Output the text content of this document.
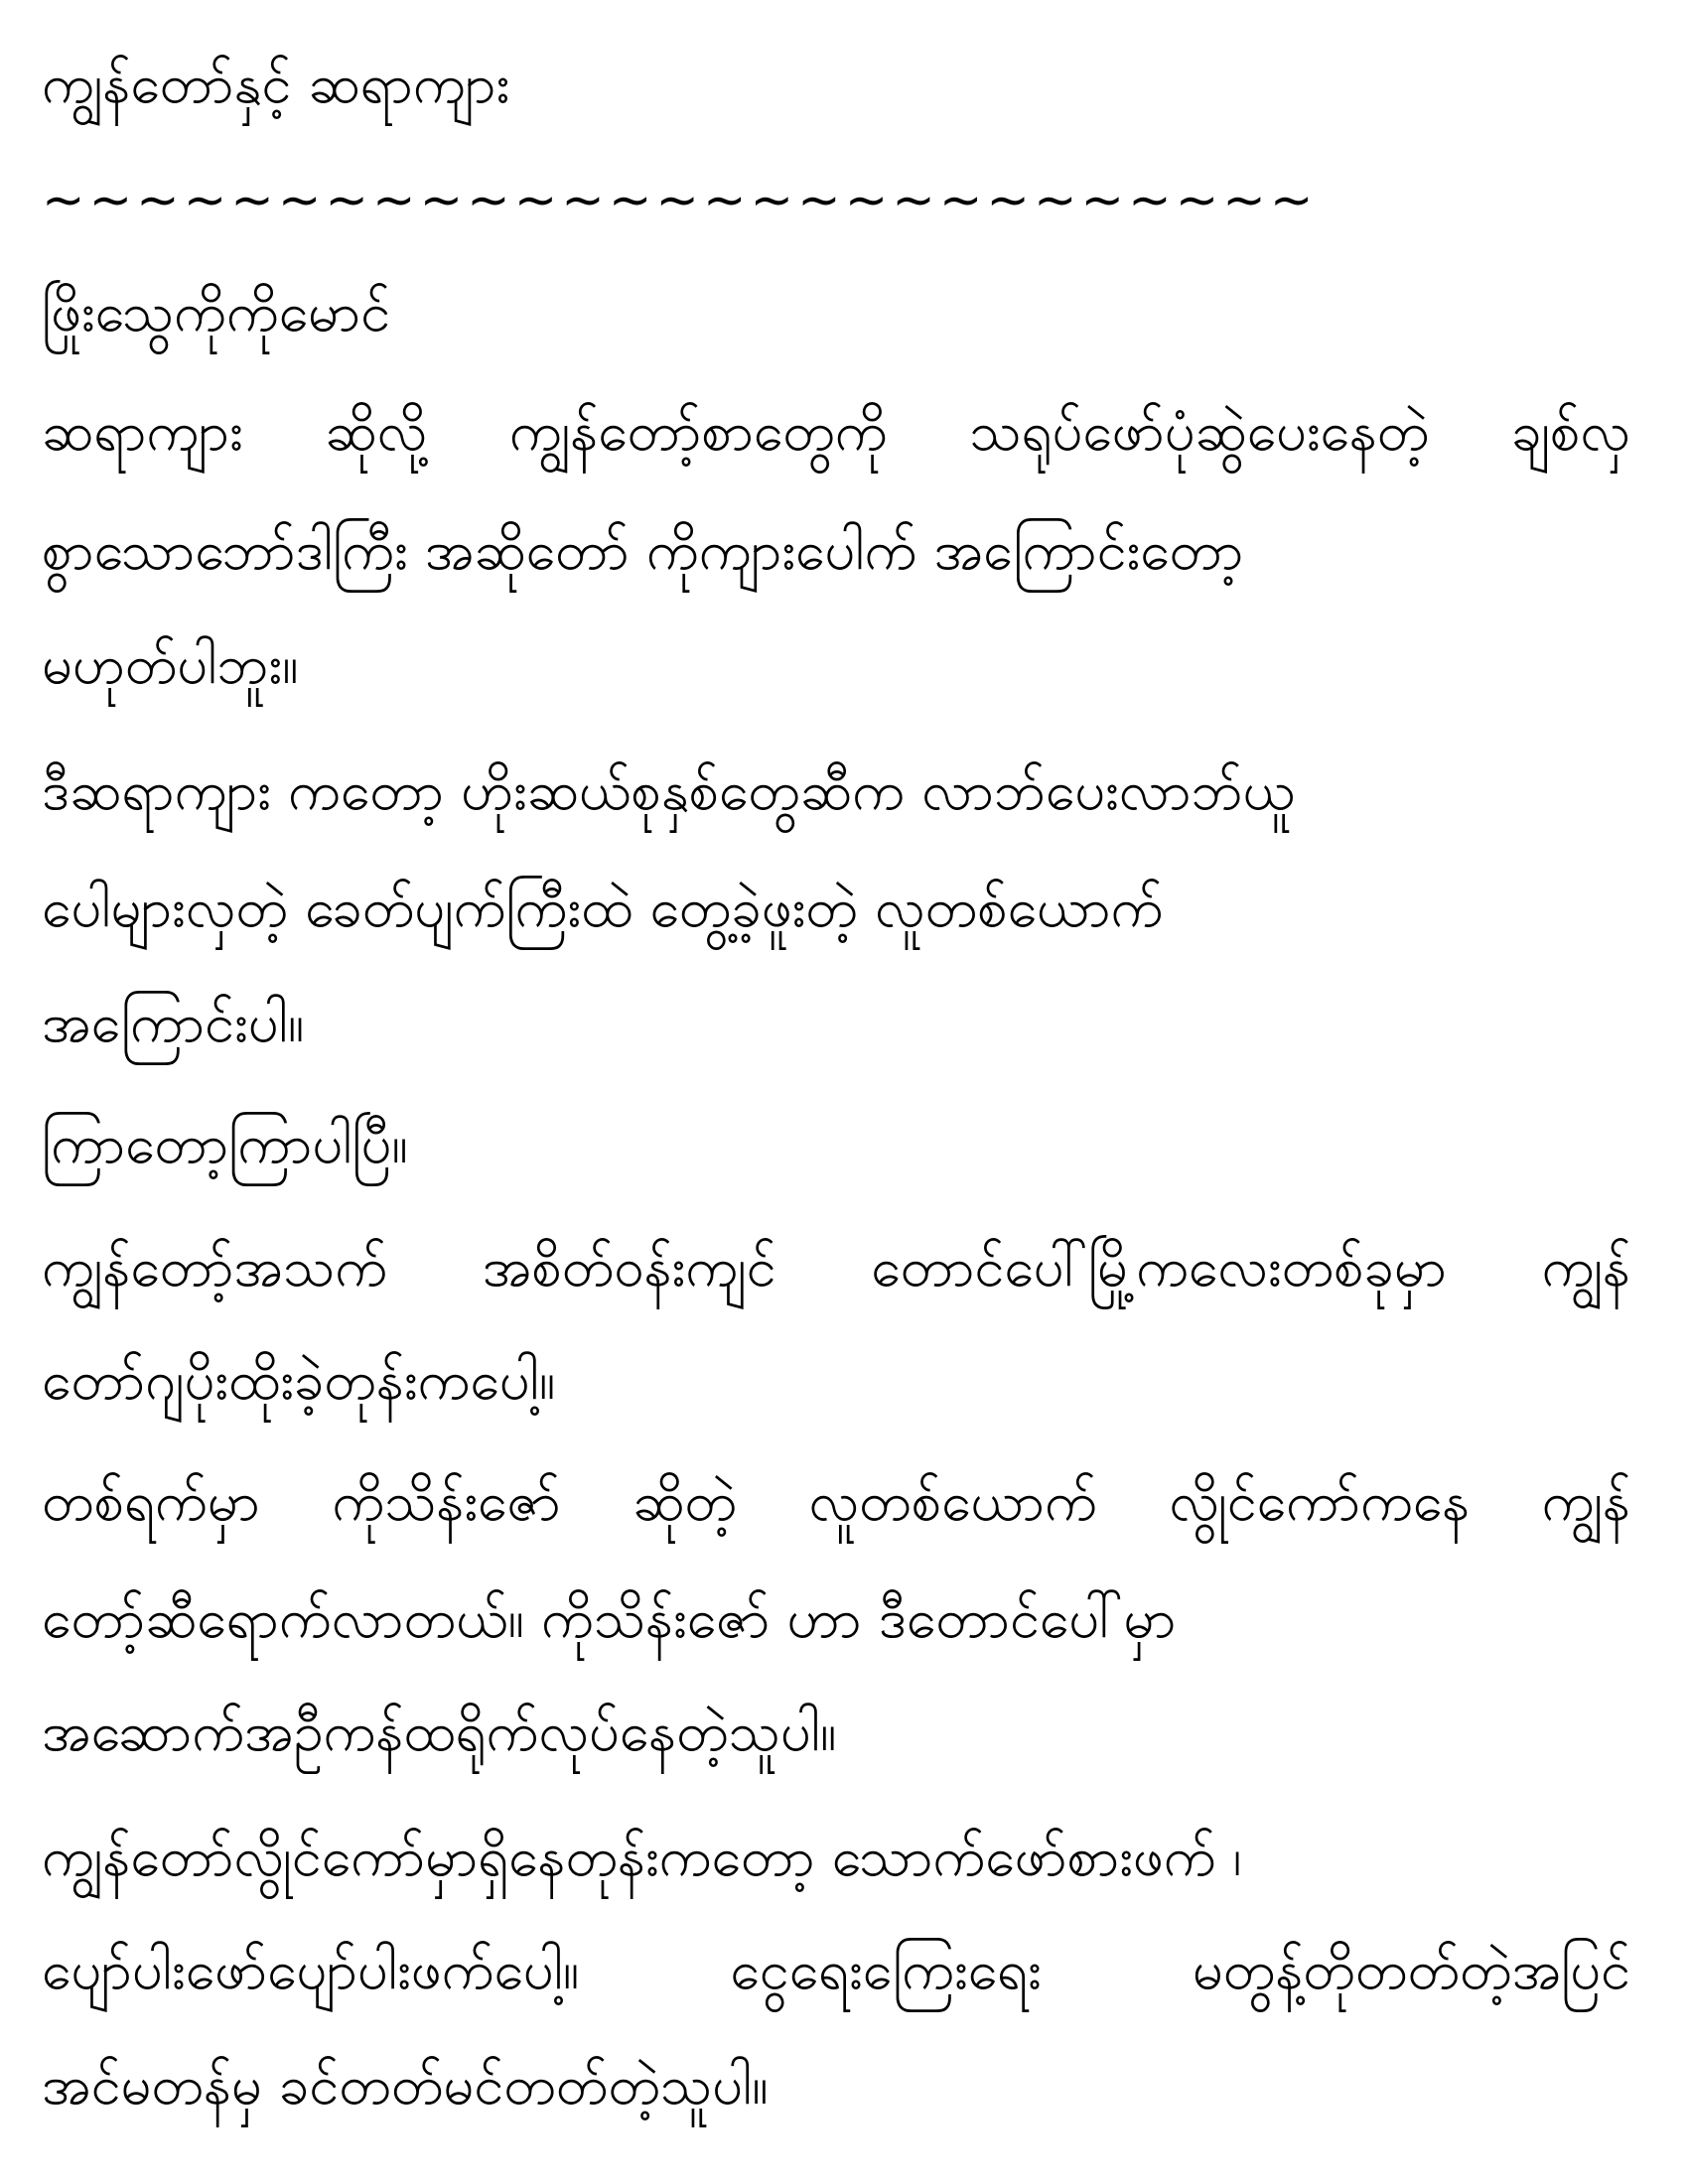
ကျွန်တော်နှင့် ဆရာကျား
~~~~~~~~~~~~~~~~~~~~~~~~~~~
ဖြိုးသွေကိုကိုမောင်
ဆရာကျား ဆိုလို့ ကျွန်တော့်စာတွေကို သရုပ်ဖော်ပုံဆွဲပေးနေတဲ့ ချစ်လှ
စွာသောဘော်ဒါကြီး အဆိုတော် ကိုကျားပေါက် အကြောင်းတော့
မဟုတ်ပါဘူး။
ဒီဆရာကျား ကတော့ ဟိုးဆယ်စုနှစ်တွေဆီက လာဘ်ပေးလာဘ်ယူ
ပေါများလှတဲ့ ခေတ်ပျက်ကြီးထဲ တွေ့ခဲ့ဖူးတဲ့ လူတစ်ယောက်
အကြောင်းပါ။
ကြာတော့ကြာပါပြီ။
ကျွန်တော့်အသက် အစိတ်ဝန်းကျင် တောင်ပေါ်မြို့ကလေးတစ်ခုမှာ ကျွန်
တော်ဂျပိုးထိုးခဲ့တုန်းကပေါ့။
တစ်ရက်မှာ ကိုသိန်းဇော် ဆိုတဲ့ လူတစ်ယောက် လွိုင်ကော်ကနေ ကျွန်
တော့်ဆီရောက်လာတယ်။ ကိုသိန်းဇော် ဟာ ဒီတောင်ပေါ်မှာ
အဆောက်အဦကန်ထရိုက်လုပ်နေတဲ့သူပါ။
ကျွန်တော်လွိုင်ကော်မှာရှိနေတုန်းကတော့ သောက်ဖော်စားဖက် ၊
ပျော်ပါးဖော်ပျော်ပါးဖက်ပေါ့။ ငွေရေးကြေးရေး မတွန့်တိုတတ်တဲ့အပြင်
အင်မတန်မှ ခင်တတ်မင်တတ်တဲ့သူပါ။
